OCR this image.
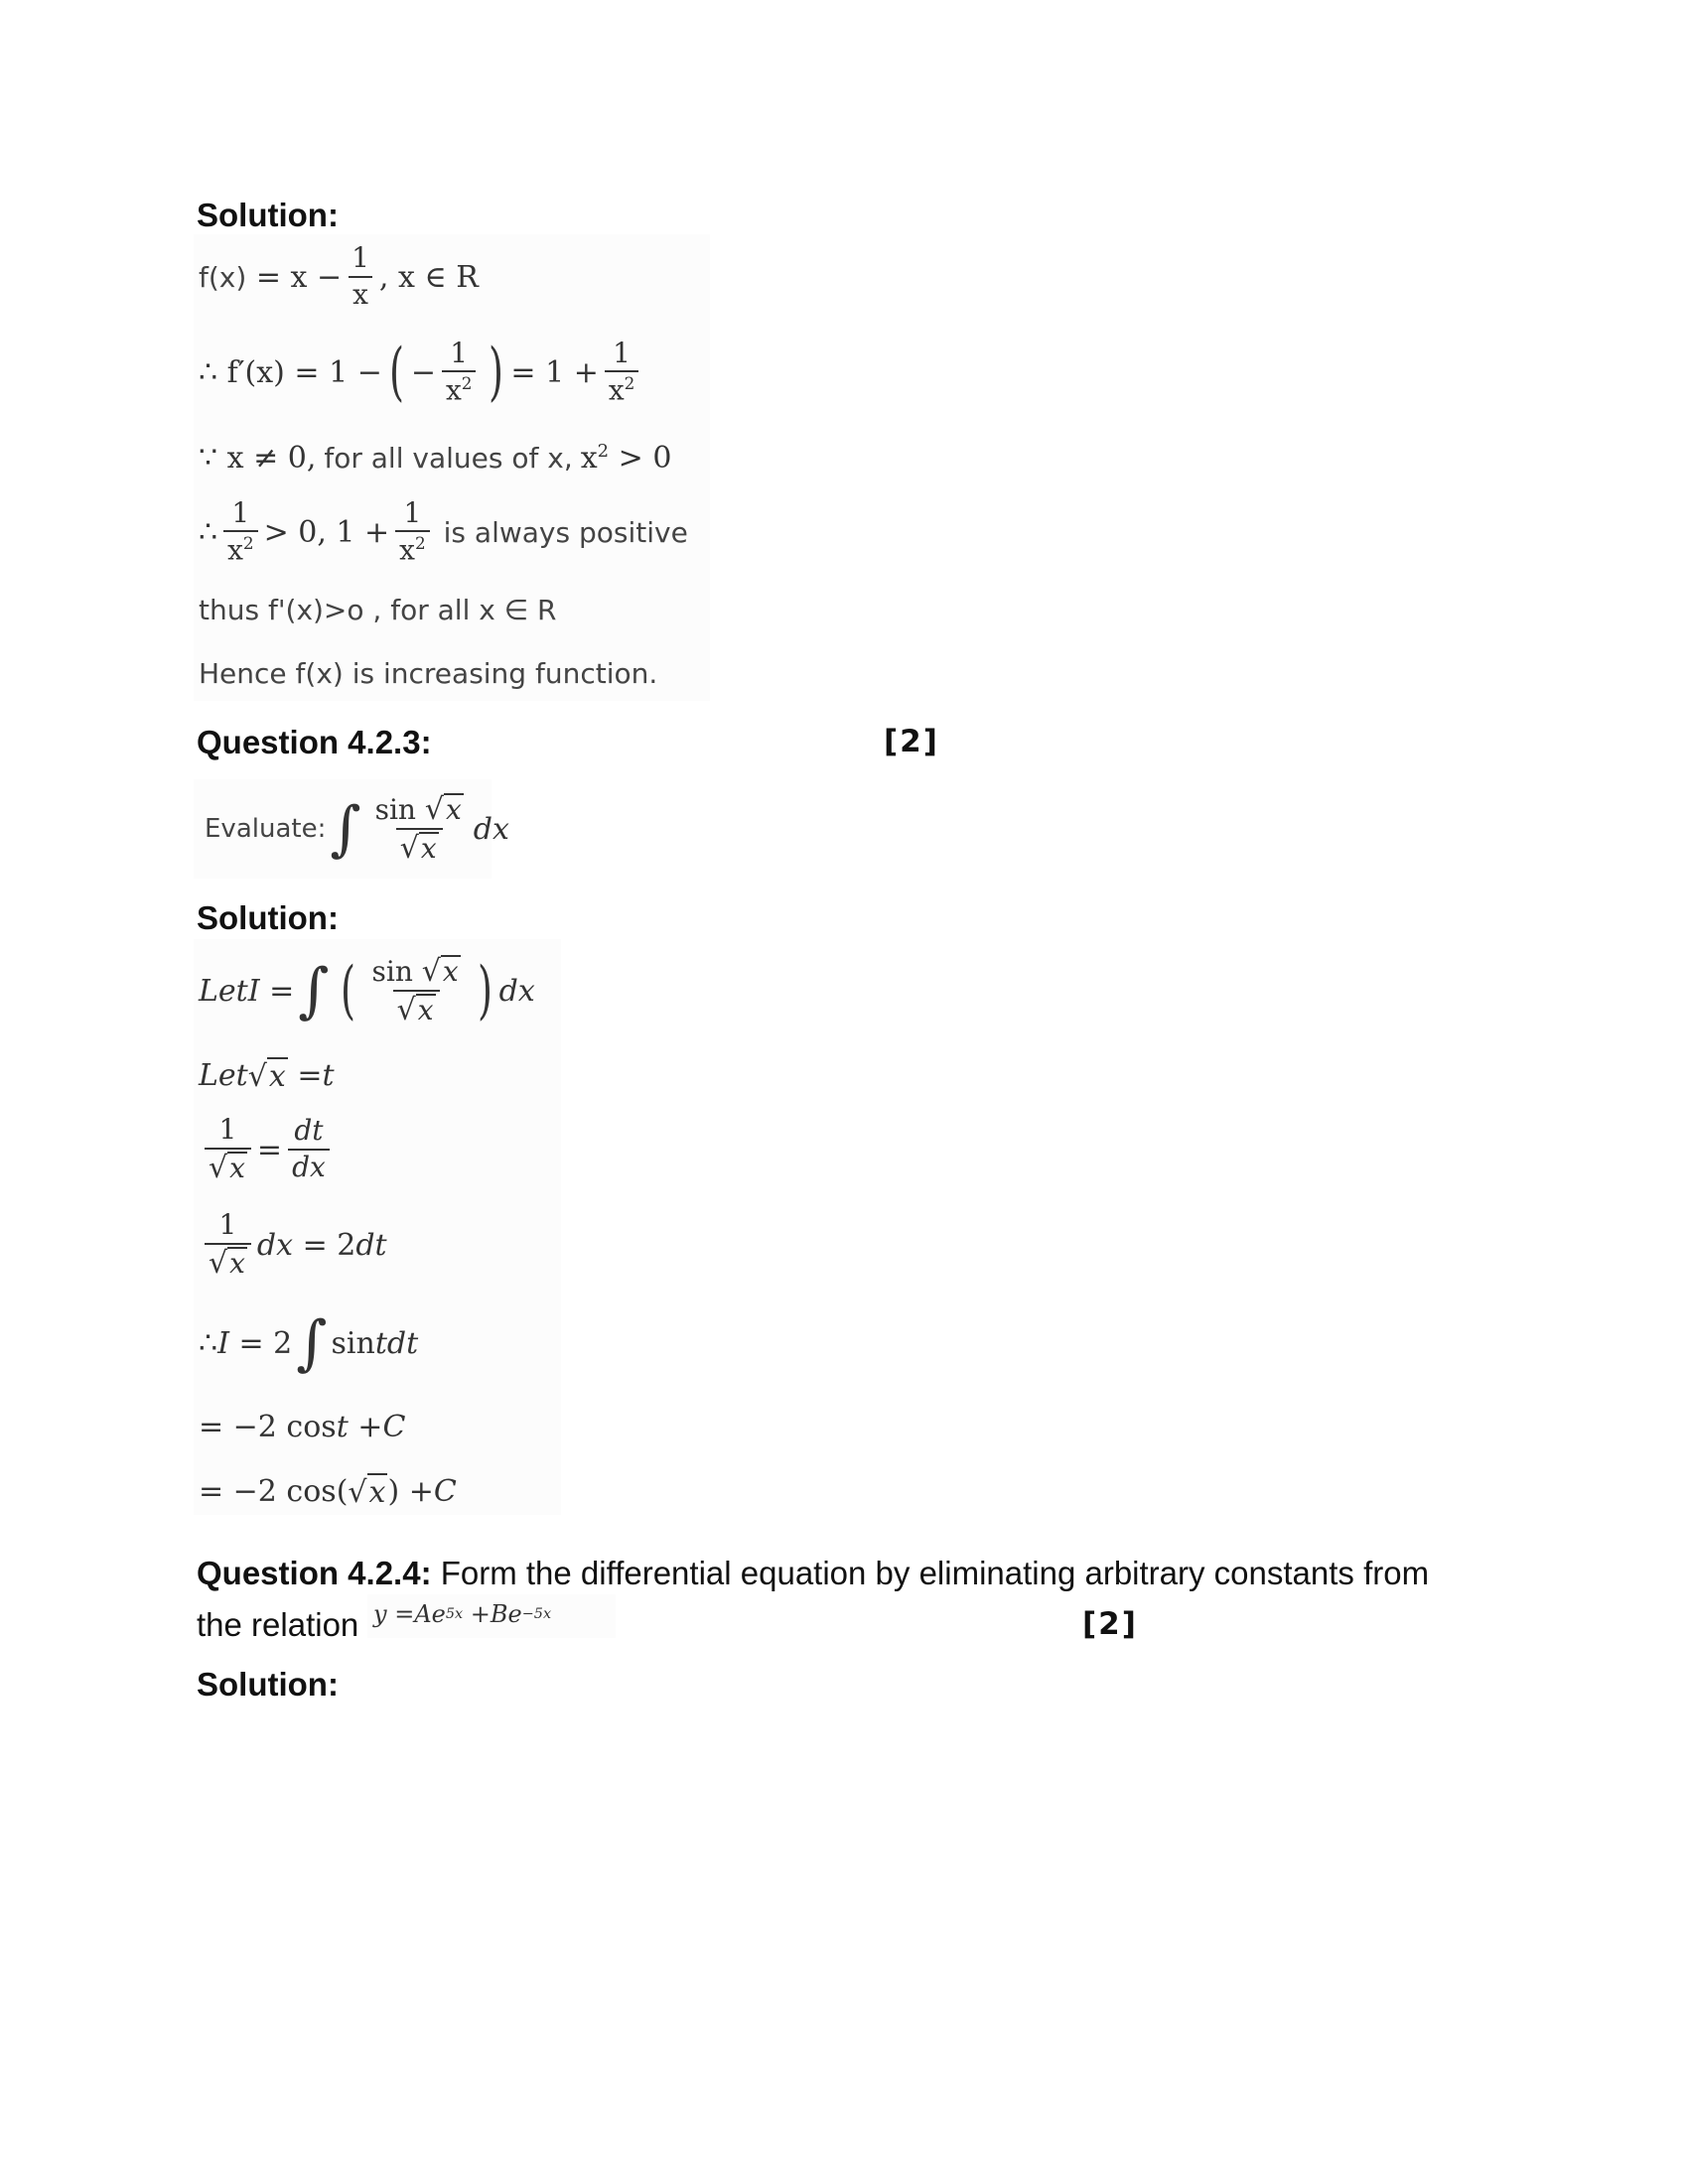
Solution:
$f(x) = x - \frac{1}{x}$ , x ∈ R
∴ f′(x) = 1 − ( − $\frac{1}{x^2}$ ) = $1 + \frac{1}{x^2}$
∵ x ≠ 0, for all values of x, $x^2 > 0$
∴ $\frac{1}{x^2} > 0$, $1 + \frac{1}{x^2}$ is always positive
thus f'(x)>o , for all x ∈ R
Hence f(x) is increasing function.
Question 4.2.3:	[2]
Evaluate: ∫ $\frac{\sin √ x}{√ x}$ dx
Solution:
LetI = ∫ ( $\frac{\sin √ x}{√ x}$ ) dx
Let √ x = t
$\frac{1}{√ x} = \frac{dt}{dx}$
$\frac{1}{√ x}$ dx = 2 dt
∴ I = 2 ∫ sin tdt
= −2 cos t + C
= −2 cos( √ x ) + C
Question 4.2.4: Form the differential equation by eliminating arbitrary constants from
the relation y = Ae 5x + Be −5x	[2]
Solution:
